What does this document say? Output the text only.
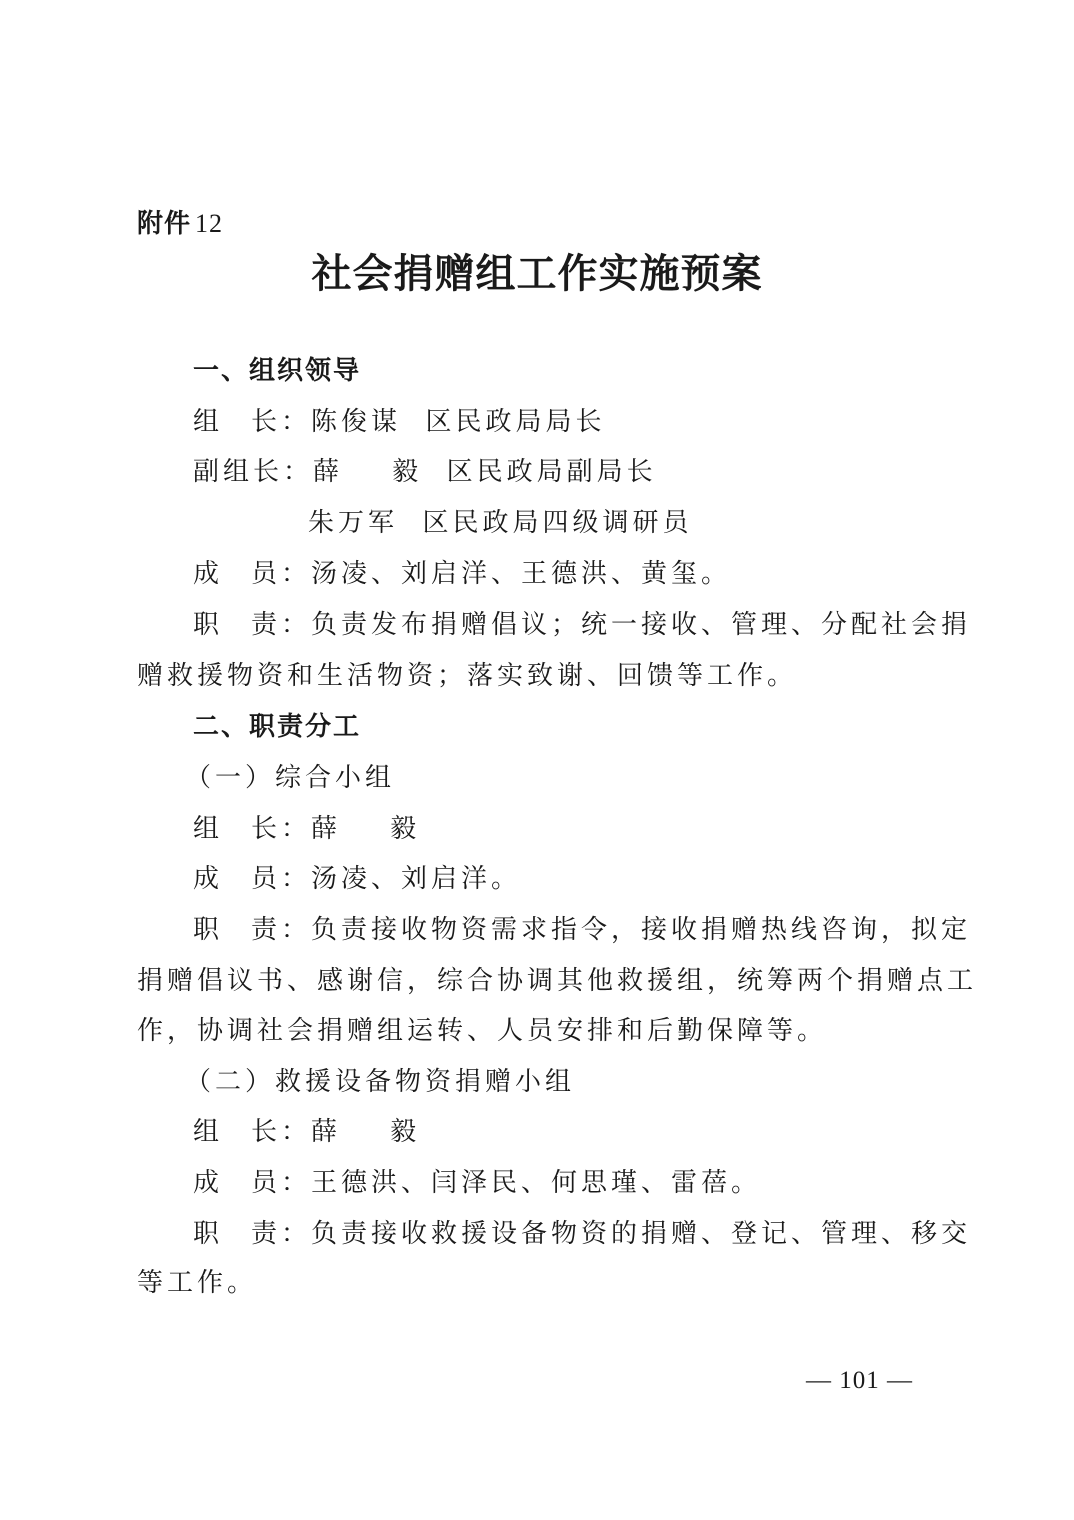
附件 12
社会捐赠组工作实施预案
一、组织领导
组 长：陈俊谋  区民政局局长
副组长：薛    毅  区民政局副局长
朱万军  区民政局四级调研员
成 员：汤凌、刘启洋、王德洪、黄玺。
职 责：负责发布捐赠倡议；统一接收、管理、分配社会捐
赠救援物资和生活物资；落实致谢、回馈等工作。
二、职责分工
（一）综合小组
组 长：薛    毅
成 员：汤凌、刘启洋。
职 责：负责接收物资需求指令，接收捐赠热线咨询，拟定
捐赠倡议书、感谢信，综合协调其他救援组，统筹两个捐赠点工
作，协调社会捐赠组运转、人员安排和后勤保障等。
（二）救援设备物资捐赠小组
组 长：薛    毅
成 员：王德洪、闫泽民、何思瑾、雷蓓。
职 责：负责接收救援设备物资的捐赠、登记、管理、移交
等工作。
— 101 —
